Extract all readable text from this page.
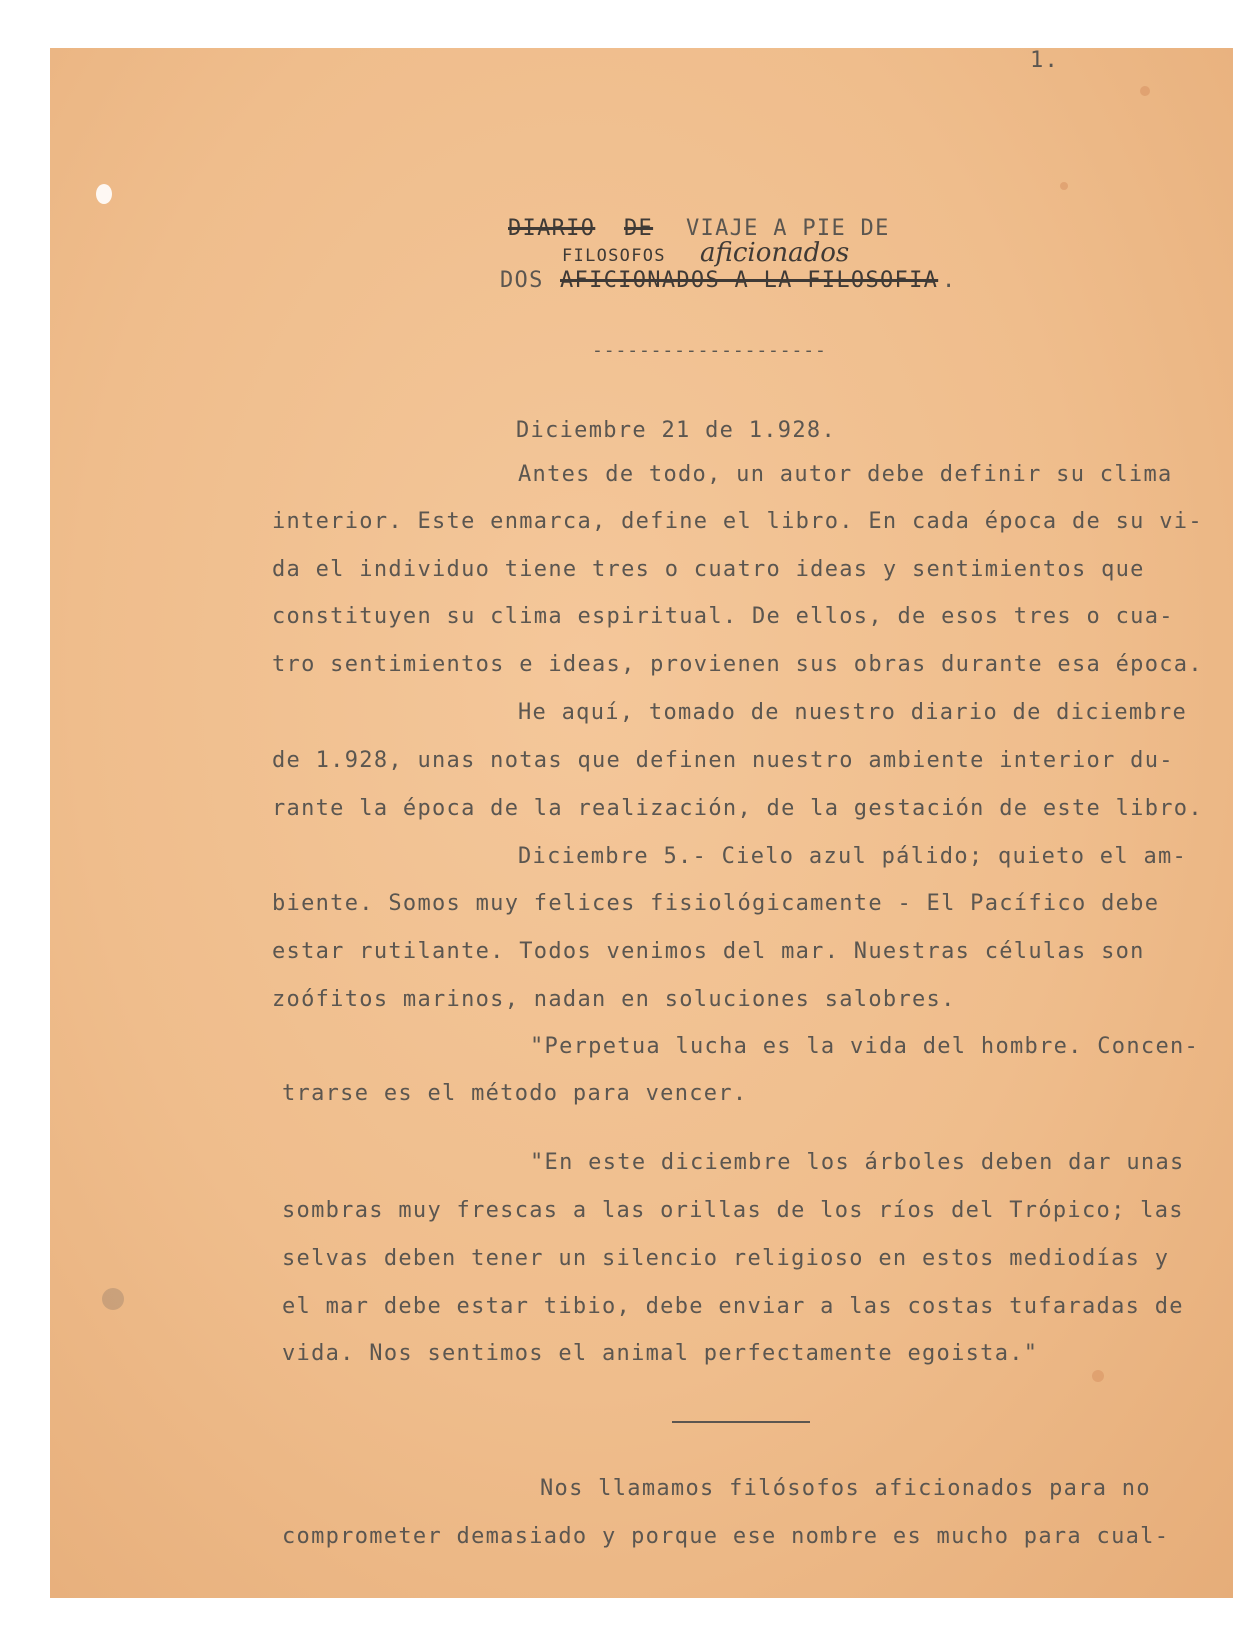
1.
DIARIO DE VIAJE A PIE DE
FILOSOFOS aficionados
DOS AFICIONADOS A LA FILOSOFIA .
--------------------
Diciembre 21 de 1.928.
Antes de todo, un autor debe definir su clima
interior. Este enmarca, define el libro. En cada época de su vi-
da el individuo tiene tres o cuatro ideas y sentimientos que
constituyen su clima espiritual. De ellos, de esos tres o cua-
tro sentimientos e ideas, provienen sus obras durante esa época.
He aquí, tomado de nuestro diario de diciembre
de 1.928, unas notas que definen nuestro ambiente interior du-
rante la época de la realización, de la gestación de este libro.
Diciembre 5.- Cielo azul pálido; quieto el am-
biente. Somos muy felices fisiológicamente - El Pacífico debe
estar rutilante. Todos venimos del mar. Nuestras células son
zoófitos marinos, nadan en soluciones salobres.
"Perpetua lucha es la vida del hombre. Concen-
trarse es el método para vencer.
"En este diciembre los árboles deben dar unas
sombras muy frescas a las orillas de los ríos del Trópico; las
selvas deben tener un silencio religioso en estos mediodías y
el mar debe estar tibio, debe enviar a las costas tufaradas de
vida. Nos sentimos el animal perfectamente egoista."
Nos llamamos filósofos aficionados para no
comprometer demasiado y porque ese nombre es mucho para cual-
